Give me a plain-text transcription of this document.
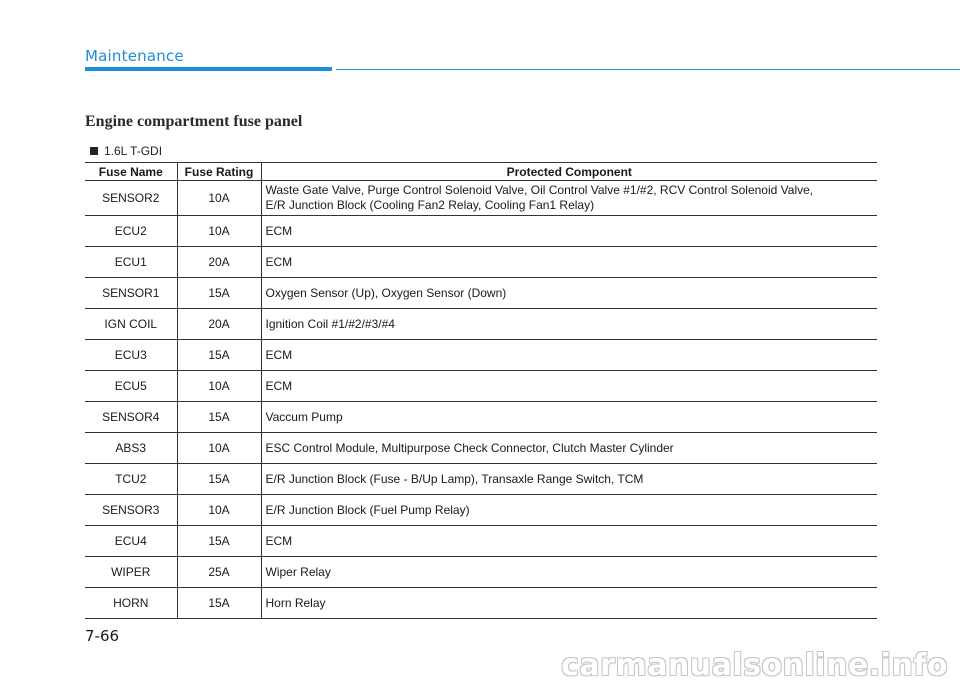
Maintenance
Engine compartment fuse panel
1.6L T-GDI
Fuse Name	Fuse Rating	Protected Component
SENSOR2	10A	Waste Gate Valve, Purge Control Solenoid Valve, Oil Control Valve #1/#2, RCV Control Solenoid Valve,
E/R Junction Block (Cooling Fan2 Relay, Cooling Fan1 Relay)

ECU2	10A	ECM

ECU1	20A	ECM

SENSOR1	15A	Oxygen Sensor (Up), Oxygen Sensor (Down)

IGN COIL	20A	Ignition Coil #1/#2/#3/#4

ECU3	15A	ECM

ECU5	10A	ECM

SENSOR4	15A	Vaccum Pump

ABS3	10A	ESC Control Module, Multipurpose Check Connector, Clutch Master Cylinder

TCU2	15A	E/R Junction Block (Fuse - B/Up Lamp), Transaxle Range Switch, TCM

SENSOR3	10A	E/R Junction Block (Fuel Pump Relay)

ECU4	15A	ECM

WIPER	25A	Wiper Relay

HORN	15A	Horn Relay
7-66
carmanualsonline.info
